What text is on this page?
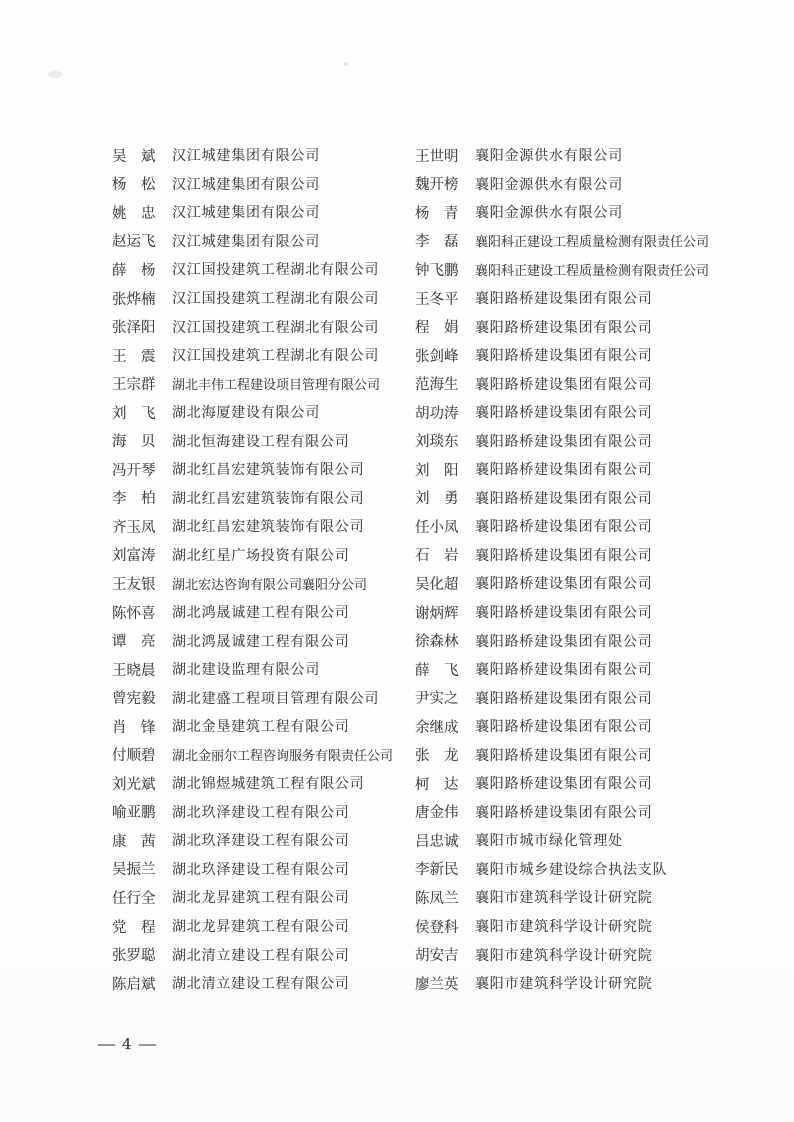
吴　斌 汉江城建集团有限公司
杨　松 汉江城建集团有限公司
姚　忠 汉江城建集团有限公司
赵运飞 汉江城建集团有限公司
薛　杨 汉江国投建筑工程湖北有限公司
张烨楠 汉江国投建筑工程湖北有限公司
张泽阳 汉江国投建筑工程湖北有限公司
王　震 汉江国投建筑工程湖北有限公司
王宗群 湖北丰伟工程建设项目管理有限公司
刘　飞 湖北海厦建设有限公司
海　贝 湖北恒海建设工程有限公司
冯开琴 湖北红昌宏建筑装饰有限公司
李　柏 湖北红昌宏建筑装饰有限公司
齐玉凤 湖北红昌宏建筑装饰有限公司
刘富涛 湖北红星广场投资有限公司
王友银 湖北宏达咨询有限公司襄阳分公司
陈怀喜 湖北鸿晟诚建工程有限公司
谭　亮 湖北鸿晟诚建工程有限公司
王晓晨 湖北建设监理有限公司
曾宪毅 湖北建盛工程项目管理有限公司
肖　锋 湖北金垦建筑工程有限公司
付顺碧 湖北金丽尔工程咨询服务有限责任公司
刘光斌 湖北锦煜城建筑工程有限公司
喻亚鹏 湖北玖泽建设工程有限公司
康　茜 湖北玖泽建设工程有限公司
吴振兰 湖北玖泽建设工程有限公司
任行全 湖北龙昇建筑工程有限公司
党　程 湖北龙昇建筑工程有限公司
张罗聪 湖北清立建设工程有限公司
陈启斌 湖北清立建设工程有限公司
王世明 襄阳金源供水有限公司
魏开榜 襄阳金源供水有限公司
杨　青 襄阳金源供水有限公司
李　磊 襄阳科正建设工程质量检测有限责任公司
钟飞鹏 襄阳科正建设工程质量检测有限责任公司
王冬平 襄阳路桥建设集团有限公司
程　娟 襄阳路桥建设集团有限公司
张剑峰 襄阳路桥建设集团有限公司
范海生 襄阳路桥建设集团有限公司
胡功涛 襄阳路桥建设集团有限公司
刘琰东 襄阳路桥建设集团有限公司
刘　阳 襄阳路桥建设集团有限公司
刘　勇 襄阳路桥建设集团有限公司
任小凤 襄阳路桥建设集团有限公司
石　岩 襄阳路桥建设集团有限公司
吴化超 襄阳路桥建设集团有限公司
谢炳辉 襄阳路桥建设集团有限公司
徐森林 襄阳路桥建设集团有限公司
薛　飞 襄阳路桥建设集团有限公司
尹实之 襄阳路桥建设集团有限公司
余继成 襄阳路桥建设集团有限公司
张　龙 襄阳路桥建设集团有限公司
柯　达 襄阳路桥建设集团有限公司
唐金伟 襄阳路桥建设集团有限公司
吕忠诚 襄阳市城市绿化管理处
李新民 襄阳市城乡建设综合执法支队
陈凤兰 襄阳市建筑科学设计研究院
侯登科 襄阳市建筑科学设计研究院
胡安吉 襄阳市建筑科学设计研究院
廖兰英 襄阳市建筑科学设计研究院
— 4 —
